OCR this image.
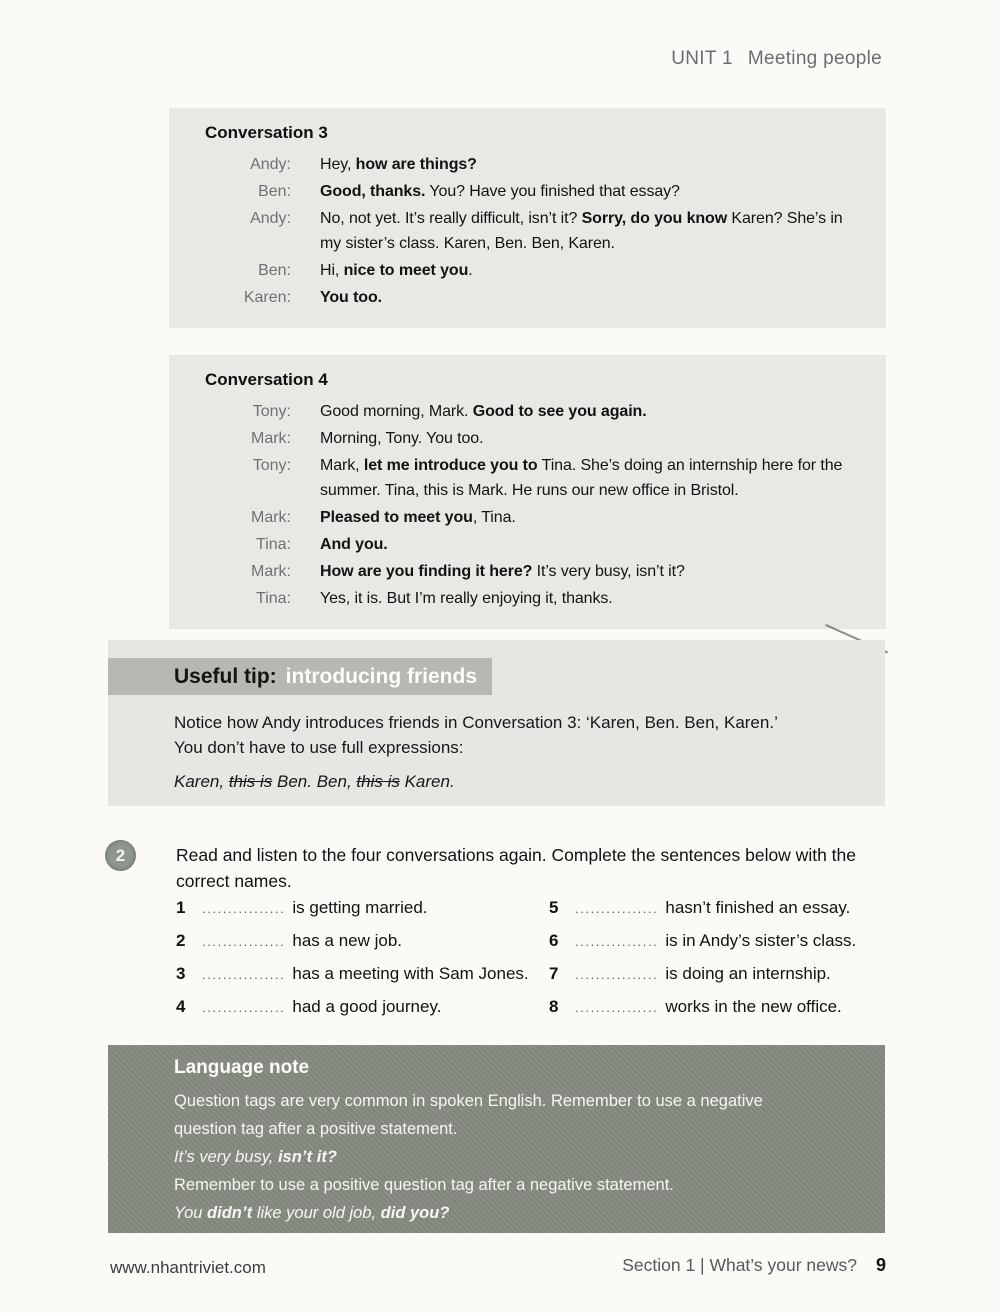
UNIT 1 Meeting people
Conversation 3
Andy: Hey, how are things?
Ben: Good, thanks. You? Have you finished that essay?
Andy: No, not yet. It’s really difficult, isn’t it? Sorry, do you know Karen? She’s in my sister’s class. Karen, Ben. Ben, Karen.
Ben: Hi, nice to meet you.
Karen: You too.
Conversation 4
Tony: Good morning, Mark. Good to see you again.
Mark: Morning, Tony. You too.
Tony: Mark, let me introduce you to Tina. She’s doing an internship here for the summer. Tina, this is Mark. He runs our new office in Bristol.
Mark: Pleased to meet you, Tina.
Tina: And you.
Mark: How are you finding it here? It’s very busy, isn’t it?
Tina: Yes, it is. But I’m really enjoying it, thanks.
Useful tip: introducing friends
Notice how Andy introduces friends in Conversation 3: ‘Karen, Ben. Ben, Karen.’
You don’t have to use full expressions:
Karen, this is Ben. Ben, this is Karen.
2	Read and listen to the four conversations again. Complete the sentences below with the correct names.
1	................ is getting married.
2	................ has a new job.
3	................ has a meeting with Sam Jones.
4	................ had a good journey.
5	................ hasn’t finished an essay.
6	................ is in Andy’s sister’s class.
7	................ is doing an internship.
8	................ works in the new office.
Language note
Question tags are very common in spoken English. Remember to use a negative
question tag after a positive statement.
It’s very busy, isn’t it?
Remember to use a positive question tag after a negative statement.
You didn’t like your old job, did you?
www.nhantriviet.com	Section 1 | What’s your news? 9
